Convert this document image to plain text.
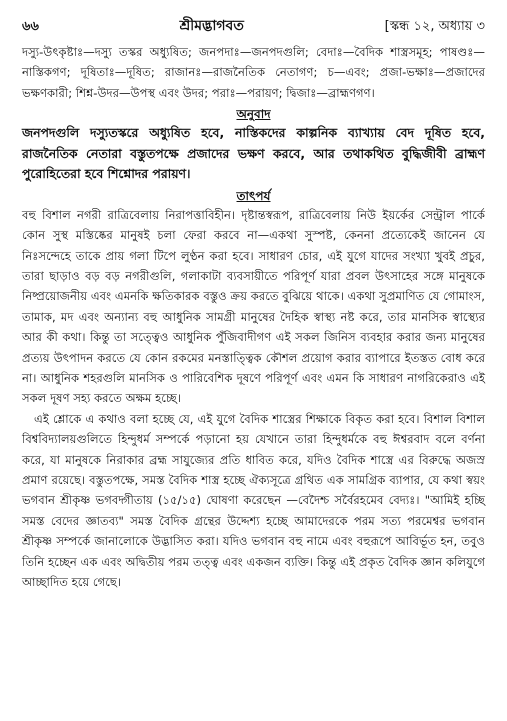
৬৬	শ্রীমদ্ভাগবত	[স্কন্ধ ১২, অধ্যায় ৩

দস্যু-উৎকৃষ্টাঃ—দস্যু তস্কর অধ্যুষিত; জনপদাঃ—জনপদগুলি; বেদাঃ—বৈদিক শাস্ত্রসমূহ; পাষণ্ডঃ—নাস্তিকগণ; দূষিতাঃ—দূষিত; রাজানঃ—রাজনৈতিক নেতাগণ; চ—এবং; প্রজা-ভক্ষাঃ—প্রজাদের ভক্ষণকারী; শিশ্ন-উদর—উপস্থ এবং উদর; পরাঃ—পরায়ণ; দ্বিজাঃ—ব্রাহ্মণগণ।

অনুবাদ
জনপদগুলি দস্যুতস্করে অধ্যুষিত হবে, নাস্তিকদের কাল্পনিক ব্যাখ্যায় বেদ দূষিত হবে, রাজনৈতিক নেতারা বস্তুতপক্ষে প্রজাদের ভক্ষণ করবে, আর তথাকথিত বুদ্ধিজীবী ব্রাহ্মণ পুরোহিতেরা হবে শিশ্নোদর পরায়ণ।
তাৎপর্য

বহু বিশাল নগরী রাত্রিবেলায় নিরাপত্তাবিহীন। দৃষ্টান্তস্বরূপ, রাত্রিবেলায় নিউ ইয়র্কের সেন্ট্রাল পার্কে কোন সুস্থ মস্তিষ্কের মানুষই চলা ফেরা করবে না—একথা সুস্পষ্ট, কেননা প্রত্যেকেই জানেন যে নিঃসন্দেহে তাকে প্রায় গলা টিপে লুণ্ঠন করা হবে। সাধারণ চোর, এই যুগে যাদের সংখ্যা খুবই প্রচুর, তারা ছাড়াও বড় বড় নগরীগুলি, গলাকাটা ব্যবসায়ীতে পরিপূর্ণ যারা প্রবল উৎসাহের সঙ্গে মানুষকে নিষ্প্রয়োজনীয় এবং এমনকি ক্ষতিকারক বস্তুও ক্রয় করতে বুঝিয়ে থাকে। একথা সুপ্রমাণিত যে গোমাংস, তামাক, মদ এবং অন্যান্য বহু আধুনিক সামগ্রী মানুষের দৈহিক স্বাস্থ্য নষ্ট করে, তার মানসিক স্বাস্থ্যের আর কী কথা। কিন্তু তা সত্ত্বেও আধুনিক পুঁজিবাদীগণ এই সকল জিনিস ব্যবহার করার জন্য মানুষের প্রত্যয় উৎপাদন করতে যে কোন রকমের মনস্তাত্ত্বিক কৌশল প্রয়োগ করার ব্যাপারে ইতস্তত বোধ করে না। আধুনিক শহরগুলি মানসিক ও পারিবেশিক দূষণে পরিপূর্ণ এবং এমন কি সাধারণ নাগরিকেরাও এই সকল দূষণ সহ্য করতে অক্ষম হচ্ছে।

এই শ্লোকে এ কথাও বলা হচ্ছে যে, এই যুগে বৈদিক শাস্ত্রের শিক্ষাকে বিকৃত করা হবে। বিশাল বিশাল বিশ্ববিদ্যালয়গুলিতে হিন্দুধর্ম সম্পর্কে পড়ানো হয় যেখানে তারা হিন্দুধর্মকে বহু ঈশ্বরবাদ বলে বর্ণনা করে, যা মানুষকে নিরাকার ব্রহ্ম সাযুজ্যের প্রতি ধাবিত করে, যদিও বৈদিক শাস্ত্রে এর বিরুদ্ধে অজস্র প্রমাণ রয়েছে। বস্তুতপক্ষে, সমস্ত বৈদিক শাস্ত্র হচ্ছে ঐক্যসূত্রে গ্রথিত এক সামগ্রিক ব্যাপার, যে কথা স্বয়ং ভগবান শ্রীকৃষ্ণ ভগবদ্গীতায় (১৫/১৫) ঘোষণা করেছেন —বেদৈশ্চ সর্বৈরহমেব বেদ্যঃ। "আমিই হচ্ছি সমস্ত বেদের জ্ঞাতব্য" সমস্ত বৈদিক গ্রন্থের উদ্দেশ্য হচ্ছে আমাদেরকে পরম সত্য পরমেশ্বর ভগবান শ্রীকৃষ্ণ সম্পর্কে জানালোকে উদ্ভাসিত করা। যদিও ভগবান বহু নামে এবং বহুরূপে আবির্ভূত হন, তবুও তিনি হচ্ছেন এক এবং অদ্বিতীয় পরম তত্ত্ব এবং একজন ব্যক্তি। কিন্তু এই প্রকৃত বৈদিক জ্ঞান কলিযুগে আচ্ছাদিত হয়ে গেছে।
